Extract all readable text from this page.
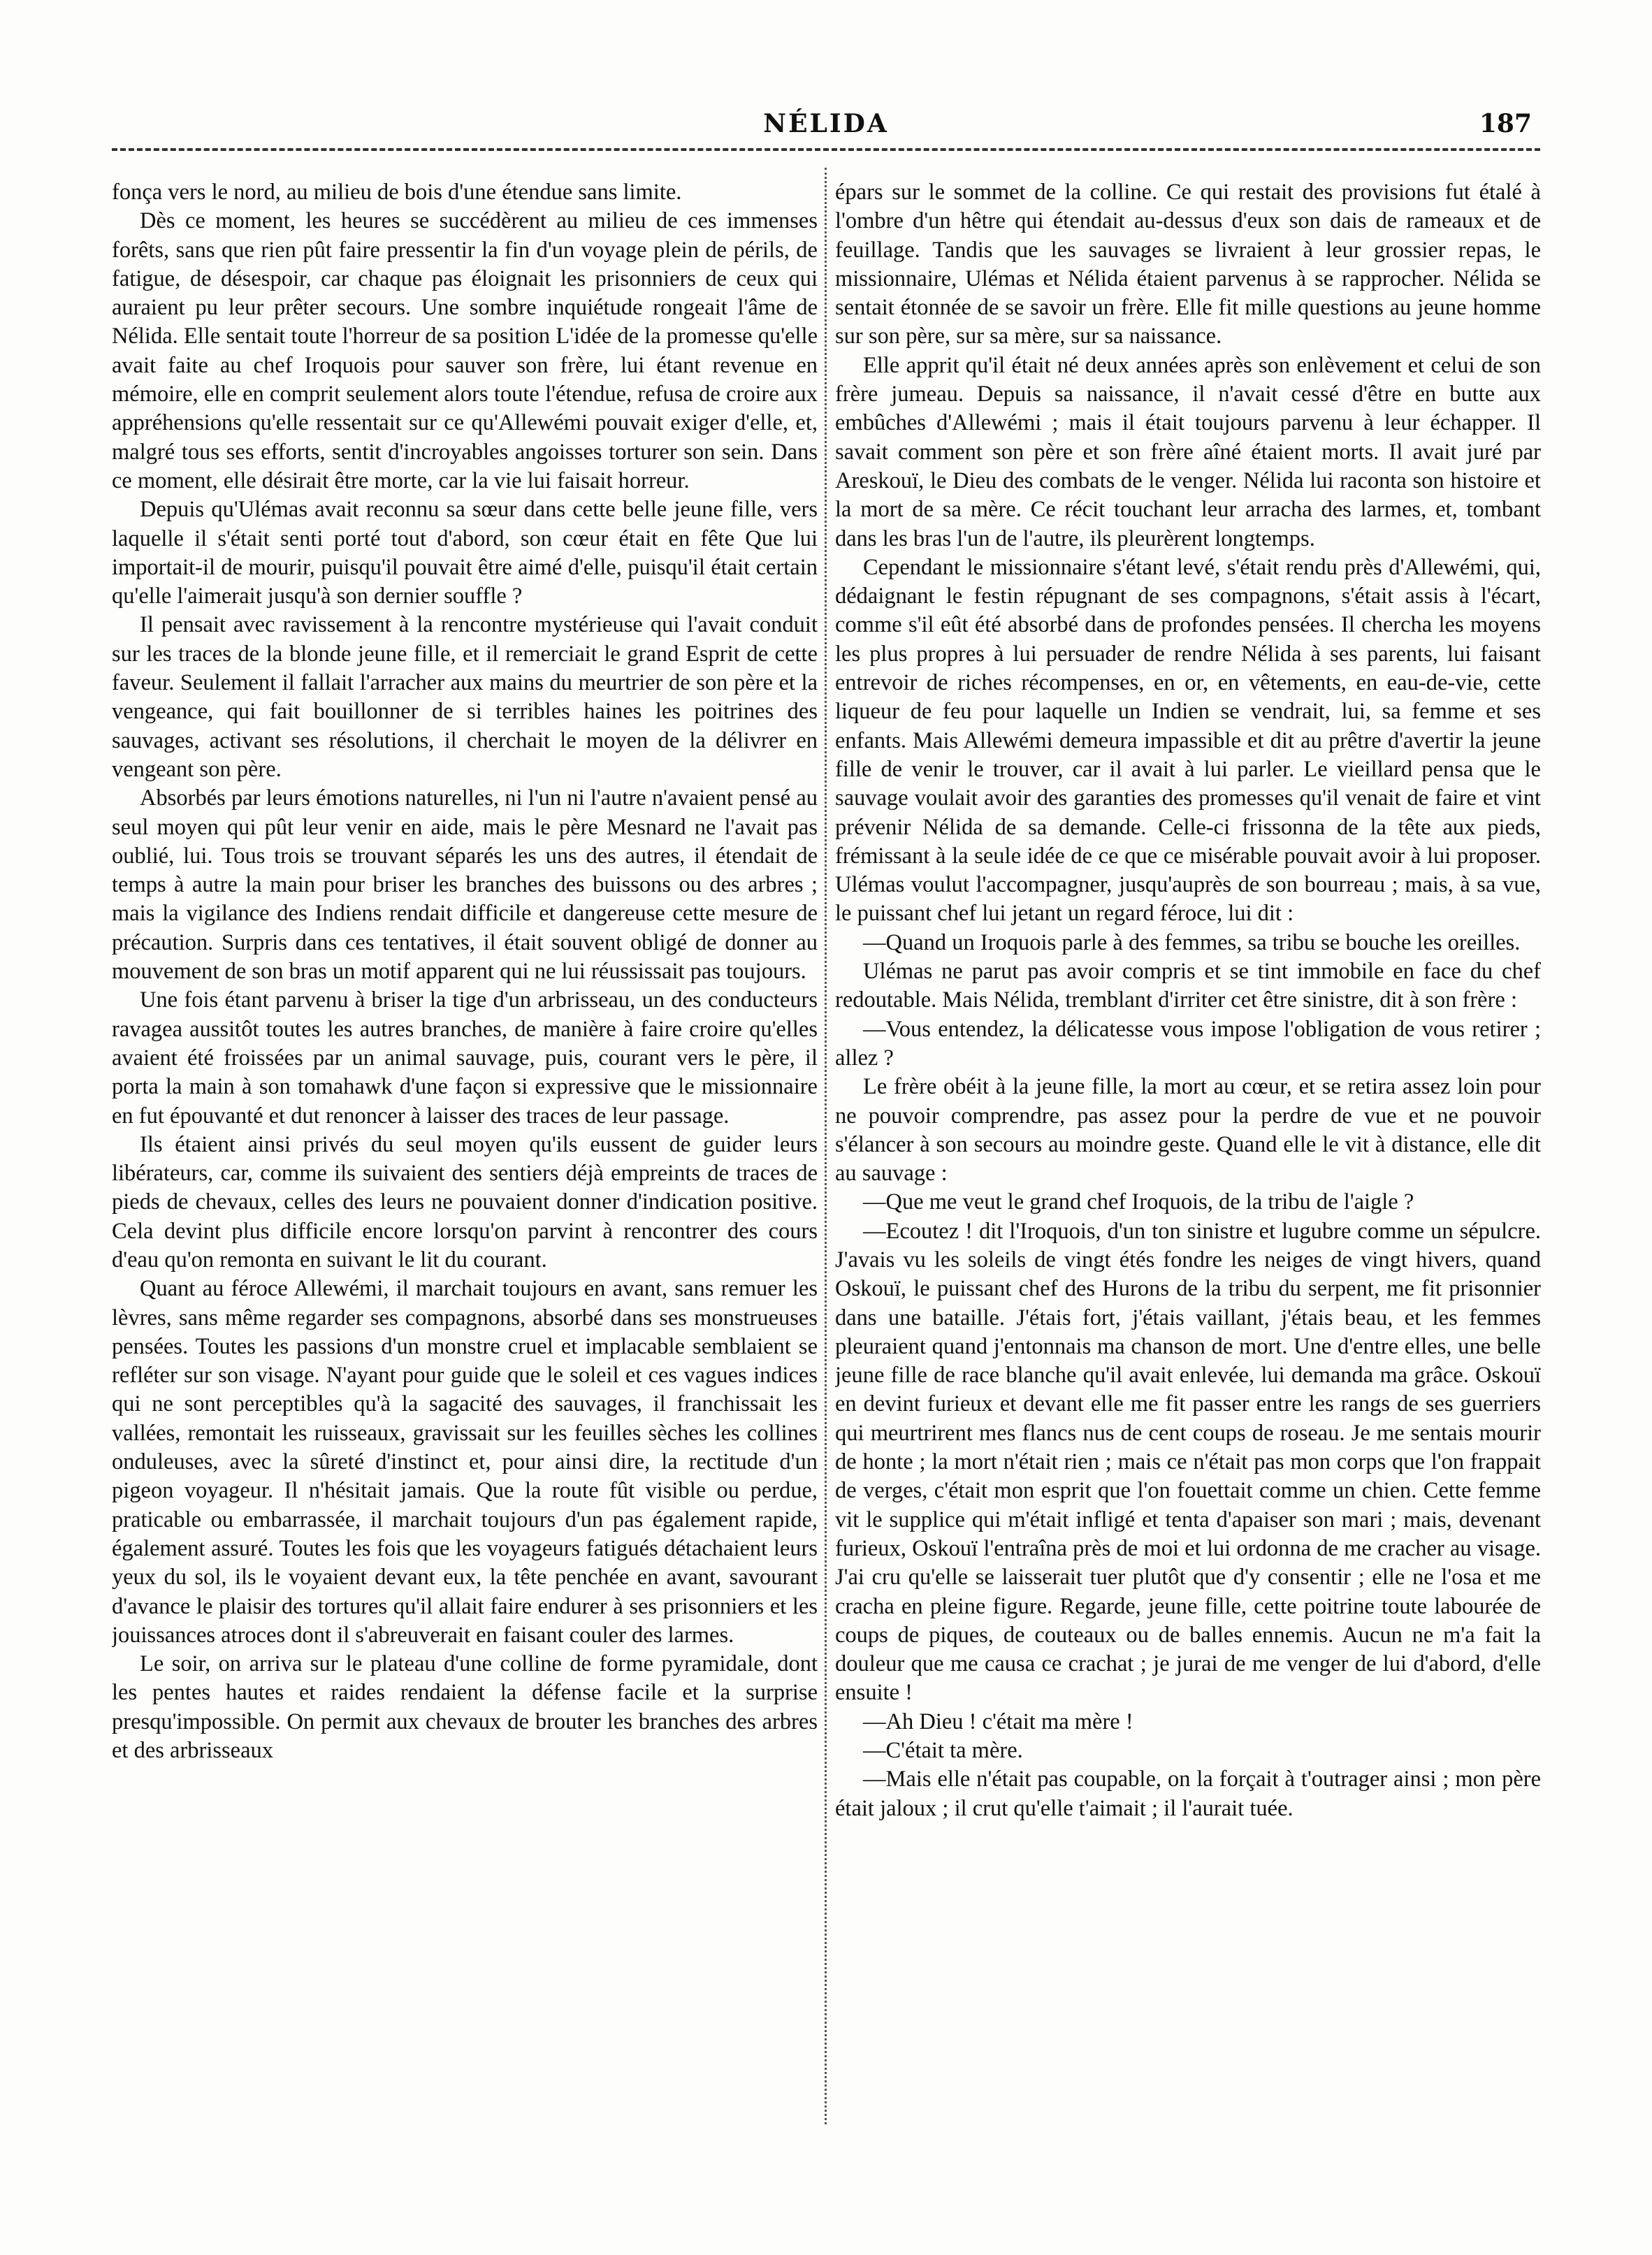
NÉLIDA	187

fonça vers le nord, au milieu de bois d'une étendue sans limite.

Dès ce moment, les heures se succédèrent au milieu de ces immenses forêts, sans que rien pût faire pressentir la fin d'un voyage plein de périls, de fatigue, de désespoir, car chaque pas éloignait les prisonniers de ceux qui auraient pu leur prêter secours. Une sombre inquiétude rongeait l'âme de Nélida. Elle sentait toute l'horreur de sa position L'idée de la promesse qu'elle avait faite au chef Iroquois pour sauver son frère, lui étant revenue en mémoire, elle en comprit seulement alors toute l'étendue, refusa de croire aux appréhensions qu'elle ressentait sur ce qu'Allewémi pouvait exiger d'elle, et, malgré tous ses efforts, sentit d'incroyables angoisses torturer son sein. Dans ce moment, elle désirait être morte, car la vie lui faisait horreur.

Depuis qu'Ulémas avait reconnu sa sœur dans cette belle jeune fille, vers laquelle il s'était senti porté tout d'abord, son cœur était en fête Que lui importait-il de mourir, puisqu'il pouvait être aimé d'elle, puisqu'il était certain qu'elle l'aimerait jusqu'à son dernier souffle ?

Il pensait avec ravissement à la rencontre mystérieuse qui l'avait conduit sur les traces de la blonde jeune fille, et il remerciait le grand Esprit de cette faveur. Seulement il fallait l'arracher aux mains du meurtrier de son père et la vengeance, qui fait bouillonner de si terribles haines les poitrines des sauvages, activant ses résolutions, il cherchait le moyen de la délivrer en vengeant son père.

Absorbés par leurs émotions naturelles, ni l'un ni l'autre n'avaient pensé au seul moyen qui pût leur venir en aide, mais le père Mesnard ne l'avait pas oublié, lui. Tous trois se trouvant séparés les uns des autres, il étendait de temps à autre la main pour briser les branches des buissons ou des arbres ; mais la vigilance des Indiens rendait difficile et dangereuse cette mesure de précaution. Surpris dans ces tentatives, il était souvent obligé de donner au mouvement de son bras un motif apparent qui ne lui réussissait pas toujours.

Une fois étant parvenu à briser la tige d'un arbrisseau, un des conducteurs ravagea aussitôt toutes les autres branches, de manière à faire croire qu'elles avaient été froissées par un animal sauvage, puis, courant vers le père, il porta la main à son tomahawk d'une façon si expressive que le missionnaire en fut épouvanté et dut renoncer à laisser des traces de leur passage.

Ils étaient ainsi privés du seul moyen qu'ils eussent de guider leurs libérateurs, car, comme ils suivaient des sentiers déjà empreints de traces de pieds de chevaux, celles des leurs ne pouvaient donner d'indication positive. Cela devint plus difficile encore lorsqu'on parvint à rencontrer des cours d'eau qu'on remonta en suivant le lit du courant.

Quant au féroce Allewémi, il marchait toujours en avant, sans remuer les lèvres, sans même regarder ses compagnons, absorbé dans ses monstrueuses pensées. Toutes les passions d'un monstre cruel et implacable semblaient se refléter sur son visage. N'ayant pour guide que le soleil et ces vagues indices qui ne sont perceptibles qu'à la sagacité des sauvages, il franchissait les vallées, remontait les ruisseaux, gravissait sur les feuilles sèches les collines onduleuses, avec la sûreté d'instinct et, pour ainsi dire, la rectitude d'un pigeon voyageur. Il n'hésitait jamais. Que la route fût visible ou perdue, praticable ou embarrassée, il marchait toujours d'un pas également rapide, également assuré. Toutes les fois que les voyageurs fatigués détachaient leurs yeux du sol, ils le voyaient devant eux, la tête penchée en avant, savourant d'avance le plaisir des tortures qu'il allait faire endurer à ses prisonniers et les jouissances atroces dont il s'abreuverait en faisant couler des larmes.

Le soir, on arriva sur le plateau d'une colline de forme pyramidale, dont les pentes hautes et raides rendaient la défense facile et la surprise presqu'impossible. On permit aux chevaux de brouter les branches des arbres et des arbrisseaux

épars sur le sommet de la colline. Ce qui restait des provisions fut étalé à l'ombre d'un hêtre qui étendait au-dessus d'eux son dais de rameaux et de feuillage. Tandis que les sauvages se livraient à leur grossier repas, le missionnaire, Ulémas et Nélida étaient parvenus à se rapprocher. Nélida se sentait étonnée de se savoir un frère. Elle fit mille questions au jeune homme sur son père, sur sa mère, sur sa naissance.

Elle apprit qu'il était né deux années après son enlèvement et celui de son frère jumeau. Depuis sa naissance, il n'avait cessé d'être en butte aux embûches d'Allewémi ; mais il était toujours parvenu à leur échapper. Il savait comment son père et son frère aîné étaient morts. Il avait juré par Areskouï, le Dieu des combats de le venger. Nélida lui raconta son histoire et la mort de sa mère. Ce récit touchant leur arracha des larmes, et, tombant dans les bras l'un de l'autre, ils pleurèrent longtemps.

Cependant le missionnaire s'étant levé, s'était rendu près d'Allewémi, qui, dédaignant le festin répugnant de ses compagnons, s'était assis à l'écart, comme s'il eût été absorbé dans de profondes pensées. Il chercha les moyens les plus propres à lui persuader de rendre Nélida à ses parents, lui faisant entrevoir de riches récompenses, en or, en vêtements, en eau-de-vie, cette liqueur de feu pour laquelle un Indien se vendrait, lui, sa femme et ses enfants. Mais Allewémi demeura impassible et dit au prêtre d'avertir la jeune fille de venir le trouver, car il avait à lui parler. Le vieillard pensa que le sauvage voulait avoir des garanties des promesses qu'il venait de faire et vint prévenir Nélida de sa demande. Celle-ci frissonna de la tête aux pieds, frémissant à la seule idée de ce que ce misérable pouvait avoir à lui proposer. Ulémas voulut l'accompagner, jusqu'auprès de son bourreau ; mais, à sa vue, le puissant chef lui jetant un regard féroce, lui dit :

—Quand un Iroquois parle à des femmes, sa tribu se bouche les oreilles.

Ulémas ne parut pas avoir compris et se tint immobile en face du chef redoutable. Mais Nélida, tremblant d'irriter cet être sinistre, dit à son frère :

—Vous entendez, la délicatesse vous impose l'obligation de vous retirer ; allez ?

Le frère obéit à la jeune fille, la mort au cœur, et se retira assez loin pour ne pouvoir comprendre, pas assez pour la perdre de vue et ne pouvoir s'élancer à son secours au moindre geste. Quand elle le vit à distance, elle dit au sauvage :

—Que me veut le grand chef Iroquois, de la tribu de l'aigle ?

—Ecoutez ! dit l'Iroquois, d'un ton sinistre et lugubre comme un sépulcre. J'avais vu les soleils de vingt étés fondre les neiges de vingt hivers, quand Oskouï, le puissant chef des Hurons de la tribu du serpent, me fit prisonnier dans une bataille. J'étais fort, j'étais vaillant, j'étais beau, et les femmes pleuraient quand j'entonnais ma chanson de mort. Une d'entre elles, une belle jeune fille de race blanche qu'il avait enlevée, lui demanda ma grâce. Oskouï en devint furieux et devant elle me fit passer entre les rangs de ses guerriers qui meurtrirent mes flancs nus de cent coups de roseau. Je me sentais mourir de honte ; la mort n'était rien ; mais ce n'était pas mon corps que l'on frappait de verges, c'était mon esprit que l'on fouettait comme un chien. Cette femme vit le supplice qui m'était infligé et tenta d'apaiser son mari ; mais, devenant furieux, Oskouï l'entraîna près de moi et lui ordonna de me cracher au visage. J'ai cru qu'elle se laisserait tuer plutôt que d'y consentir ; elle ne l'osa et me cracha en pleine figure. Regarde, jeune fille, cette poitrine toute labourée de coups de piques, de couteaux ou de balles ennemis. Aucun ne m'a fait la douleur que me causa ce crachat ; je jurai de me venger de lui d'abord, d'elle ensuite !

—Ah Dieu ! c'était ma mère !

—C'était ta mère.

—Mais elle n'était pas coupable, on la forçait à t'outrager ainsi ; mon père était jaloux ; il crut qu'elle t'aimait ; il l'aurait tuée.
